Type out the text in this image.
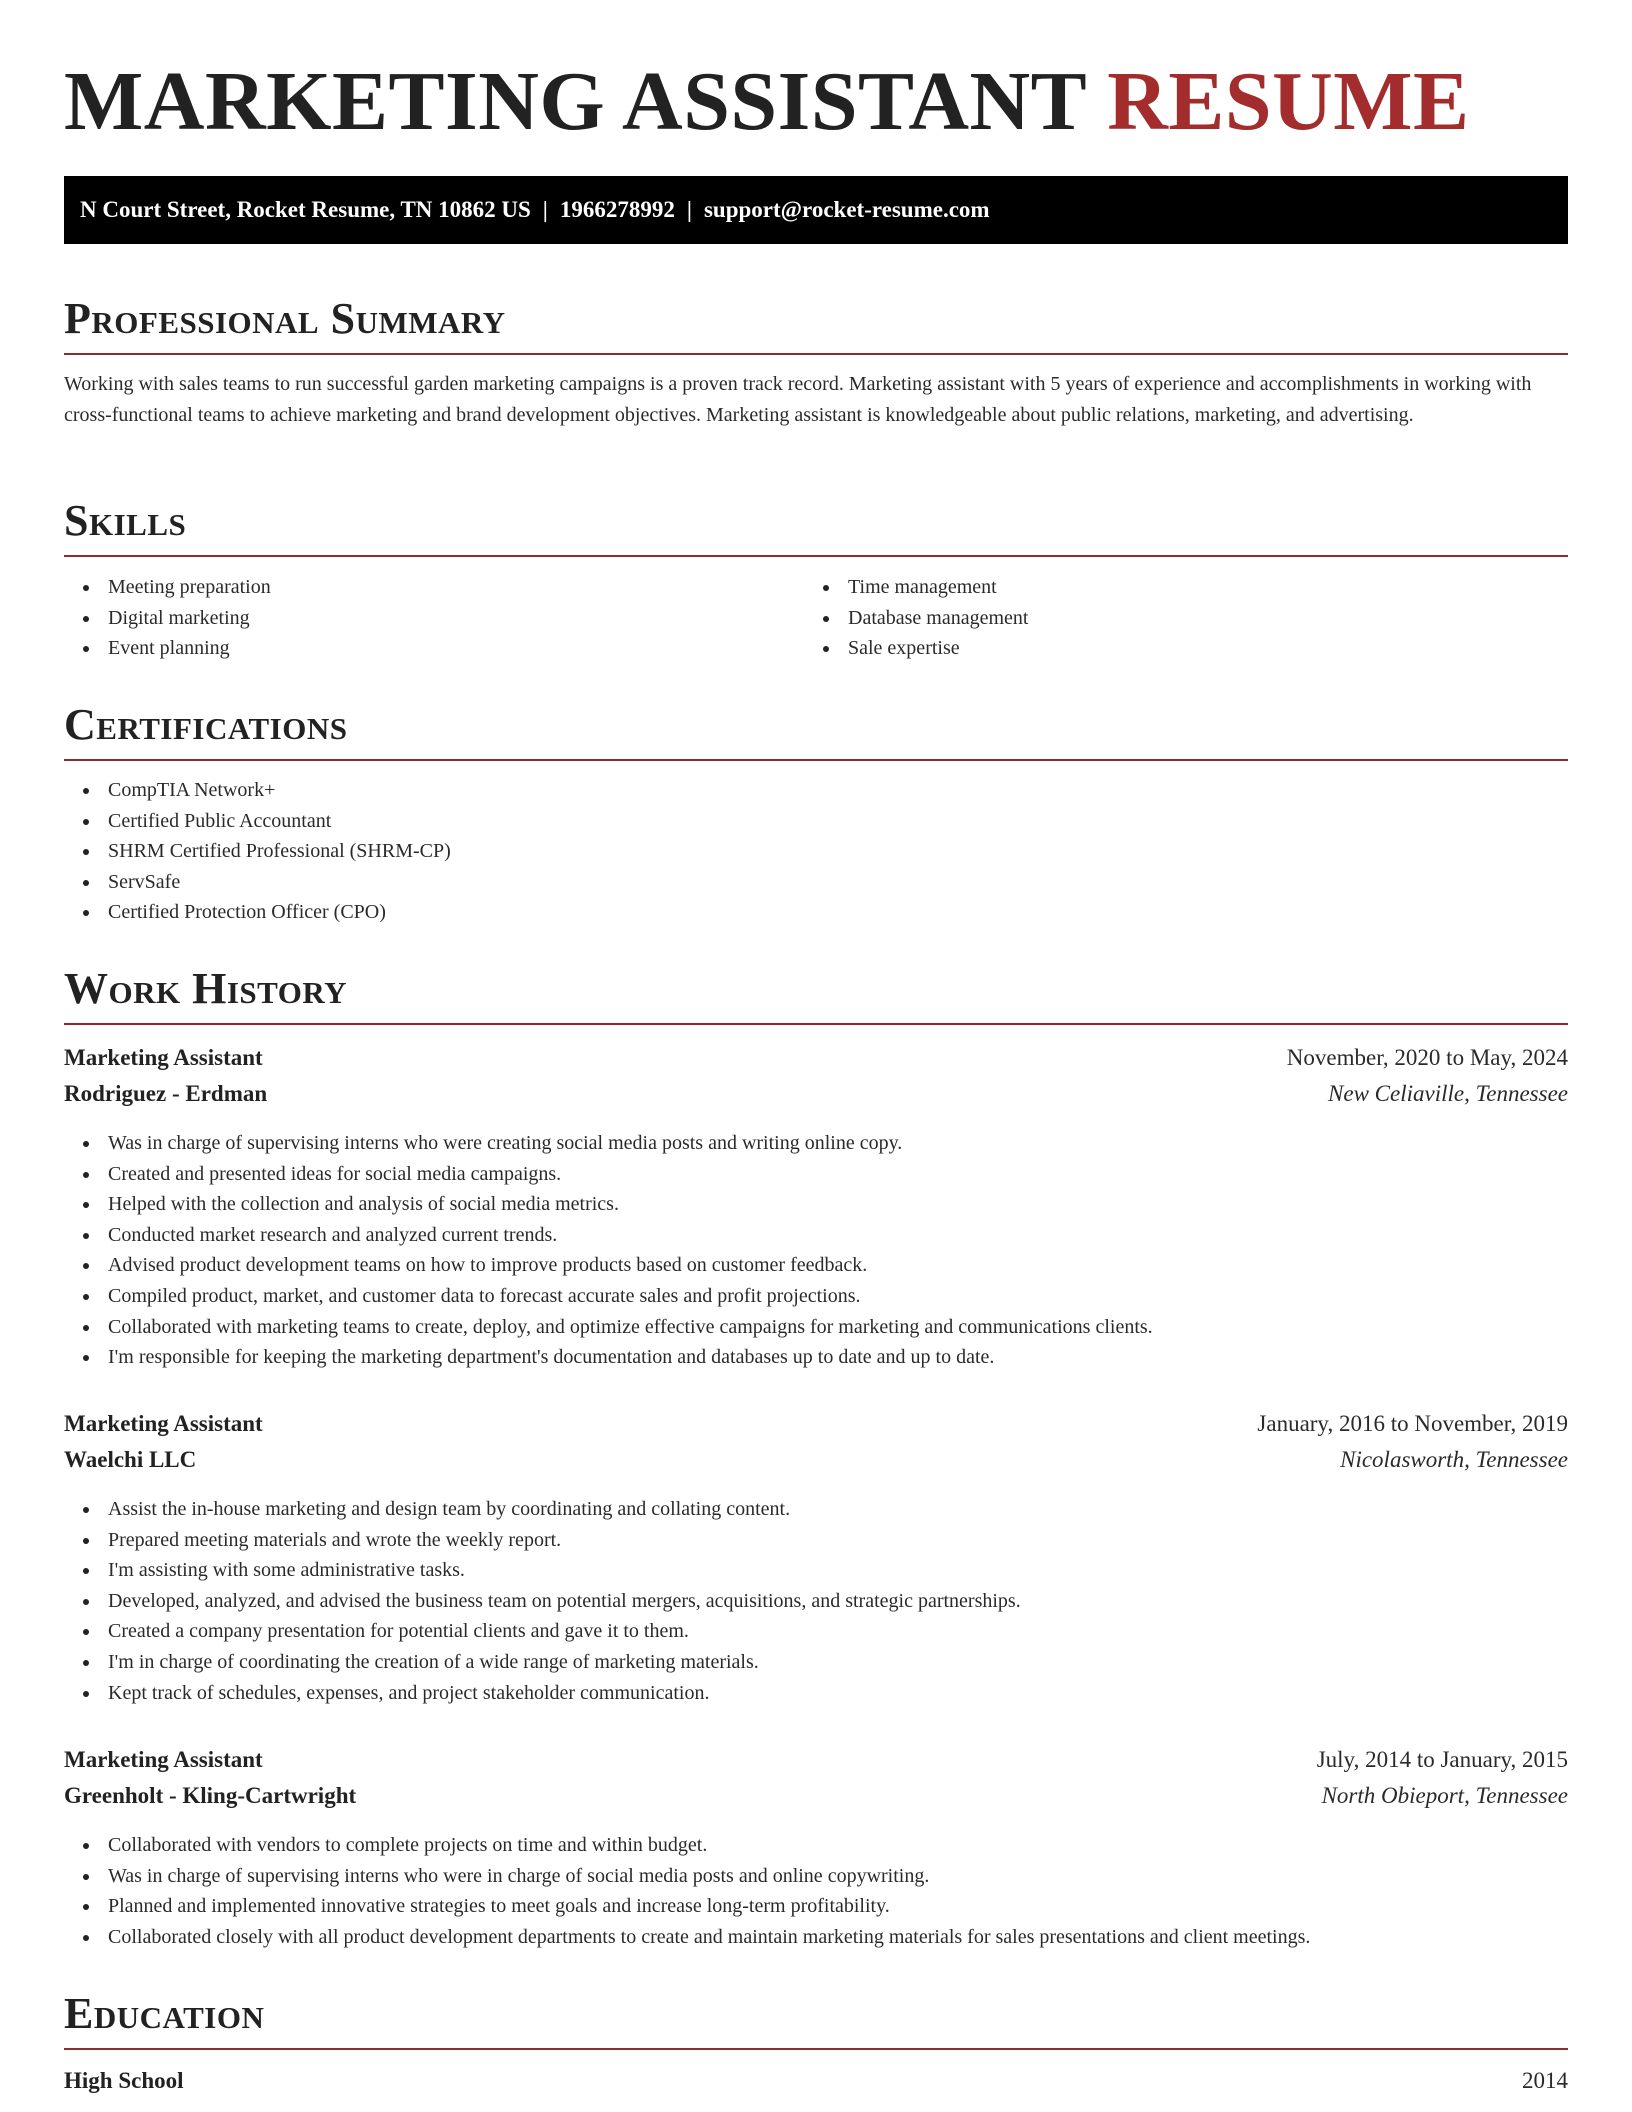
MARKETING ASSISTANT RESUME
N Court Street, Rocket Resume, TN 10862 US | 1966278992 | support@rocket-resume.com
Professional Summary

Working with sales teams to run successful garden marketing campaigns is a proven track record. Marketing assistant with 5 years of experience and accomplishments in working with cross-functional teams to achieve marketing and brand development objectives. Marketing assistant is knowledgeable about public relations, marketing, and advertising.

Skills
Meeting preparation
Digital marketing
Event planning
Time management
Database management
Sale expertise
Certifications
CompTIA Network+
Certified Public Accountant
SHRM Certified Professional (SHRM-CP)
ServSafe
Certified Protection Officer (CPO)
Work History
Marketing Assistant	November, 2020 to May, 2024
Rodriguez - Erdman	New Celiaville, Tennessee
Was in charge of supervising interns who were creating social media posts and writing online copy.
Created and presented ideas for social media campaigns.
Helped with the collection and analysis of social media metrics.
Conducted market research and analyzed current trends.
Advised product development teams on how to improve products based on customer feedback.
Compiled product, market, and customer data to forecast accurate sales and profit projections.
Collaborated with marketing teams to create, deploy, and optimize effective campaigns for marketing and communications clients.
I'm responsible for keeping the marketing department's documentation and databases up to date and up to date.
Marketing Assistant	January, 2016 to November, 2019
Waelchi LLC	Nicolasworth, Tennessee
Assist the in-house marketing and design team by coordinating and collating content.
Prepared meeting materials and wrote the weekly report.
I'm assisting with some administrative tasks.
Developed, analyzed, and advised the business team on potential mergers, acquisitions, and strategic partnerships.
Created a company presentation for potential clients and gave it to them.
I'm in charge of coordinating the creation of a wide range of marketing materials.
Kept track of schedules, expenses, and project stakeholder communication.
Marketing Assistant	July, 2014 to January, 2015
Greenholt - Kling-Cartwright	North Obieport, Tennessee
Collaborated with vendors to complete projects on time and within budget.
Was in charge of supervising interns who were in charge of social media posts and online copywriting.
Planned and implemented innovative strategies to meet goals and increase long-term profitability.
Collaborated closely with all product development departments to create and maintain marketing materials for sales presentations and client meetings.
Education
High School	2014
